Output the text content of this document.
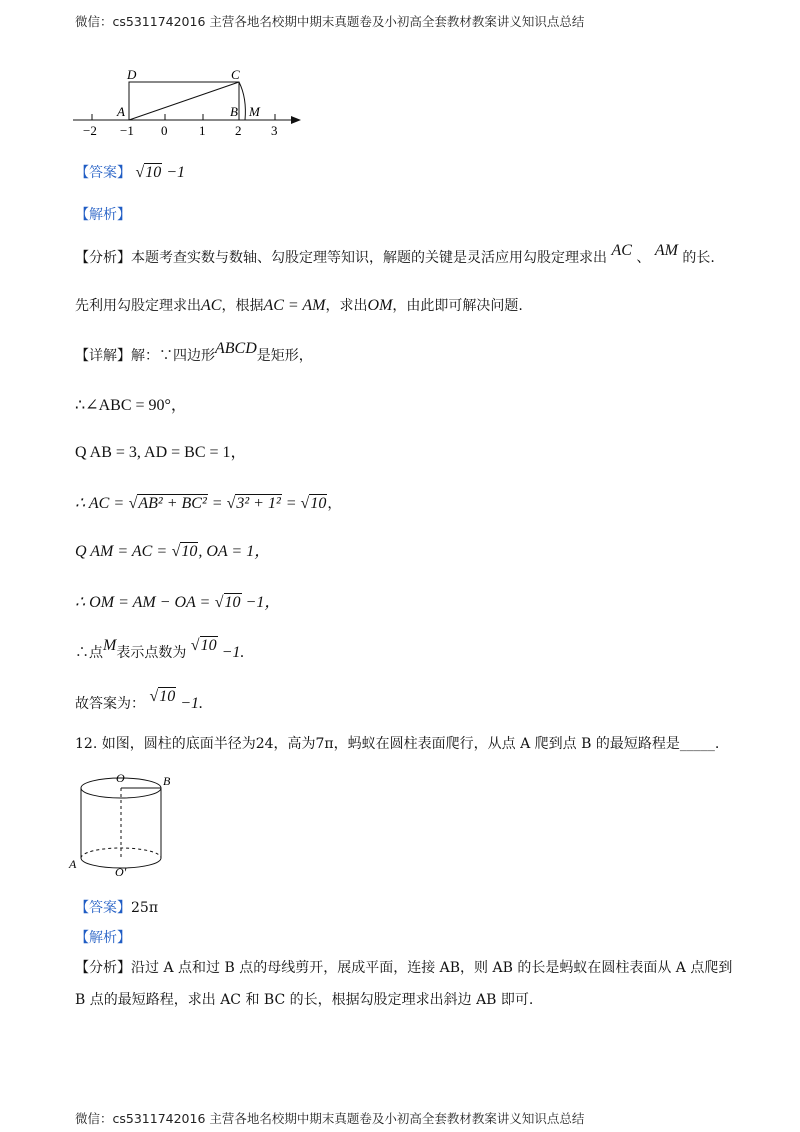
微信：cs5311742016 主营各地名校期中期末真题卷及小初高全套教材教案讲义知识点总结
D	C
A	B M
−2 −1 0 1 2 3
【答案】 √10 −1
【解析】
【分析】本题考查实数与数轴、勾股定理等知识，解题的关键是灵活应用勾股定理求出 AC 、 AM 的长.
先利用勾股定理求出AC，根据AC = AM，求出OM，由此即可解决问题.
【详解】解：∵四边形ABCD是矩形，
∴∠ABC = 90°，
Q AB = 3, AD = BC = 1，
∴ AC = √AB² + BC² = √3² + 1² = √10，
Q AM = AC = √10, OA = 1，
∴ OM = AM − OA = √10 −1，
∴点M表示点数为 √10 −1.
故答案为： √10 −1.
12. 如图，圆柱的底面半径为24，高为7π，蚂蚁在圆柱表面爬行，从点 A 爬到点 B 的最短路程是_____.
O	B
A
O′
【答案】25π
【解析】
【分析】沿过 A 点和过 B 点的母线剪开，展成平面，连接 AB，则 AB 的长是蚂蚁在圆柱表面从 A 点爬到
B 点的最短路程，求出 AC 和 BC 的长，根据勾股定理求出斜边 AB 即可.
微信：cs5311742016 主营各地名校期中期末真题卷及小初高全套教材教案讲义知识点总结
